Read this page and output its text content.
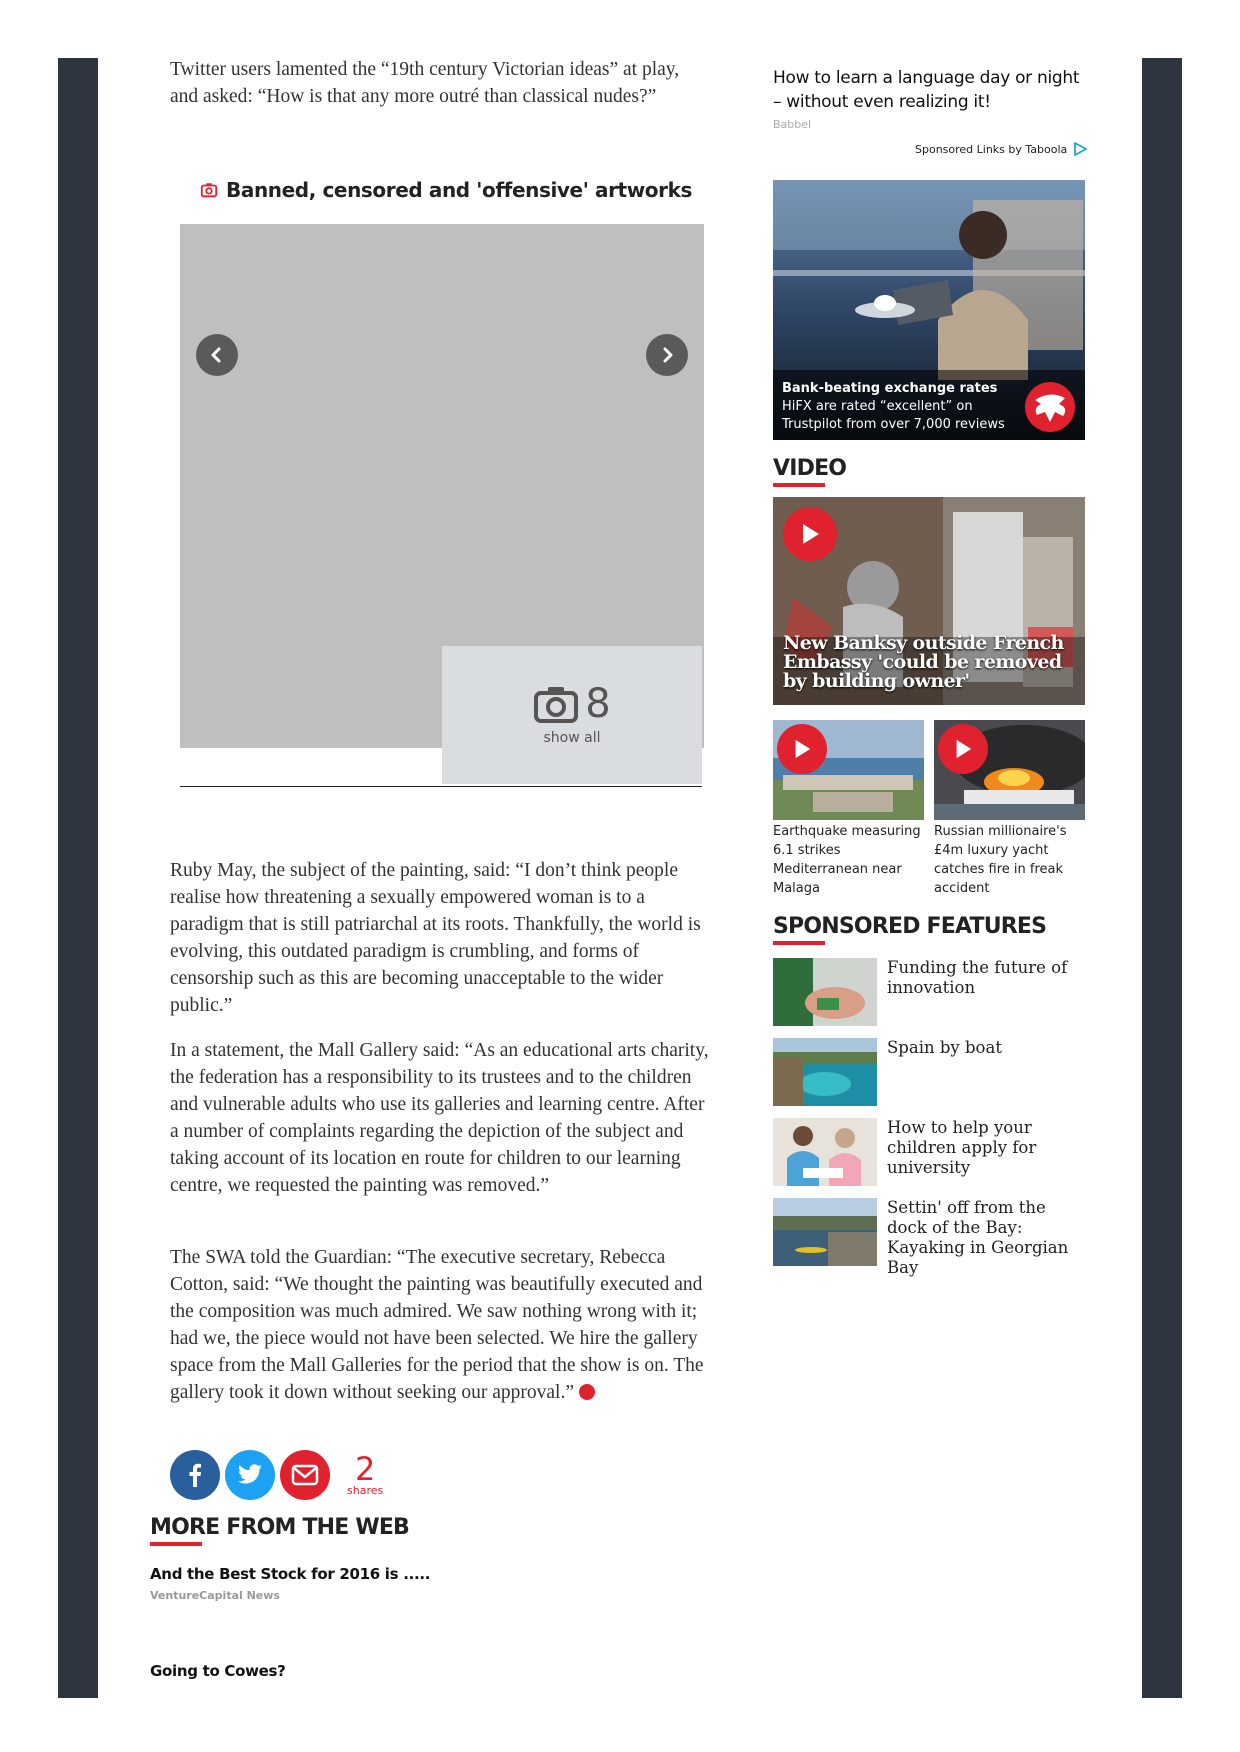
Twitter users lamented the “19th century Victorian ideas” at play, and asked: “How is that any more outré than classical nudes?”

Banned, censored and 'offensive' artworks
8
show all

Ruby May, the subject of the painting, said: “I don’t think people realise how threatening a sexually empowered woman is to a paradigm that is still patriarchal at its roots. Thankfully, the world is evolving, this outdated paradigm is crumbling, and forms of censorship such as this are becoming unacceptable to the wider public.”

In a statement, the Mall Gallery said: “As an educational arts charity, the federation has a responsibility to its trustees and to the children and vulnerable adults who use its galleries and learning centre. After a number of complaints regarding the depiction of the subject and taking account of its location en route for children to our learning centre, we requested the painting was removed.”

The SWA told the Guardian: “The executive secretary, Rebecca Cotton, said: “We thought the painting was beautifully executed and the composition was much admired. We saw nothing wrong with it; had we, the piece would not have been selected. We hire the gallery space from the Mall Galleries for the period that the show is on. The gallery took it down without seeking our approval.”

2
shares
MORE FROM THE WEB
And the Best Stock for 2016 is .....
VentureCapital News
Going to Cowes?
How to learn a language day or night – without even realizing it!
Babbel
Sponsored Links by Taboola
Bank-beating exchange rates
HiFX are rated “excellent” on
Trustpilot from over 7,000 reviews
VIDEO
New Banksy outside French Embassy 'could be removed by building owner'
Earthquake measuring 6.1 strikes Mediterranean near Malaga
Russian millionaire's £4m luxury yacht catches fire in freak accident
SPONSORED FEATURES
Funding the future of innovation
Spain by boat
How to help your children apply for university
Settin' off from the dock of the Bay: Kayaking in Georgian Bay
